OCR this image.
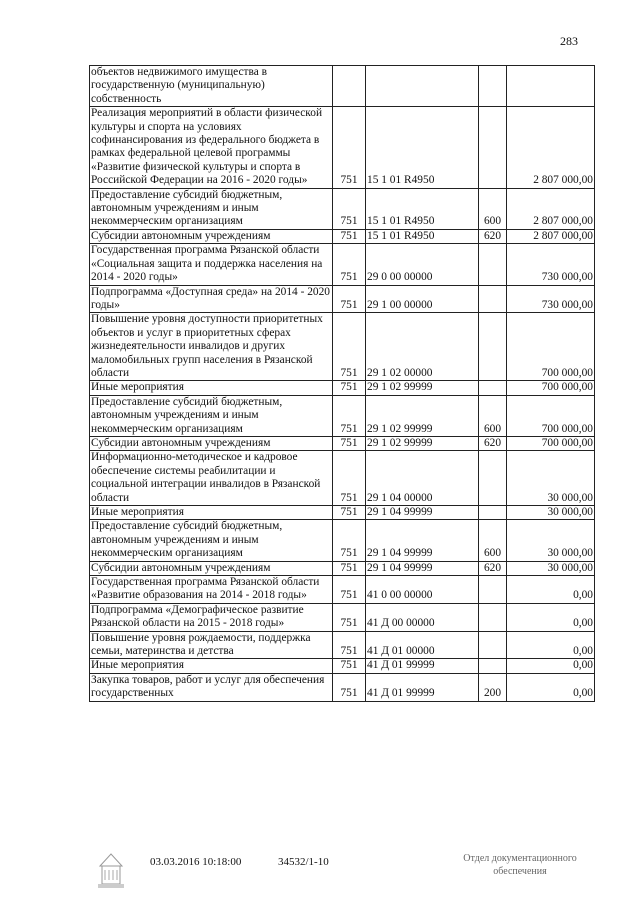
283
объектов недвижимого имущества в государственную (муниципальную) собственность				
Реализация мероприятий в области физической культуры и спорта на условиях софинансирования из федерального бюджета в рамках федеральной целевой программы «Развитие физической культуры и спорта в Российской Федерации на 2016 - 2020 годы»	751	15 1 01 R4950		2 807 000,00
Предоставление субсидий бюджетным, автономным учреждениям и иным некоммерческим организациям	751	15 1 01 R4950	600	2 807 000,00
Субсидии автономным учреждениям	751	15 1 01 R4950	620	2 807 000,00
Государственная программа Рязанской области «Социальная защита и поддержка населения на 2014 - 2020 годы»	751	29 0 00 00000		730 000,00
Подпрограмма «Доступная среда» на 2014 - 2020 годы»	751	29 1 00 00000		730 000,00
Повышение уровня доступности приоритетных объектов и услуг в приоритетных сферах жизнедеятельности инвалидов и других маломобильных групп населения в Рязанской области	751	29 1 02 00000		700 000,00
Иные мероприятия	751	29 1 02 99999		700 000,00
Предоставление субсидий бюджетным, автономным учреждениям и иным некоммерческим организациям	751	29 1 02 99999	600	700 000,00
Субсидии автономным учреждениям	751	29 1 02 99999	620	700 000,00
Информационно-методическое и кадровое обеспечение системы реабилитации и социальной интеграции инвалидов в Рязанской области	751	29 1 04 00000		30 000,00
Иные мероприятия	751	29 1 04 99999		30 000,00
Предоставление субсидий бюджетным, автономным учреждениям и иным некоммерческим организациям	751	29 1 04 99999	600	30 000,00
Субсидии автономным учреждениям	751	29 1 04 99999	620	30 000,00
Государственная программа Рязанской области «Развитие образования на 2014 - 2018 годы»	751	41 0 00 00000		0,00
Подпрограмма «Демографическое развитие Рязанской области на 2015 - 2018 годы»	751	41 Д 00 00000		0,00
Повышение уровня рождаемости, поддержка семьи, материнства и детства	751	41 Д 01 00000		0,00
Иные мероприятия	751	41 Д 01 99999		0,00
Закупка товаров, работ и услуг для обеспечения государственных	751	41 Д 01 99999	200	0,00
03.03.2016 10:18:00	34532/1-10	Отдел документационного
обеспечения
